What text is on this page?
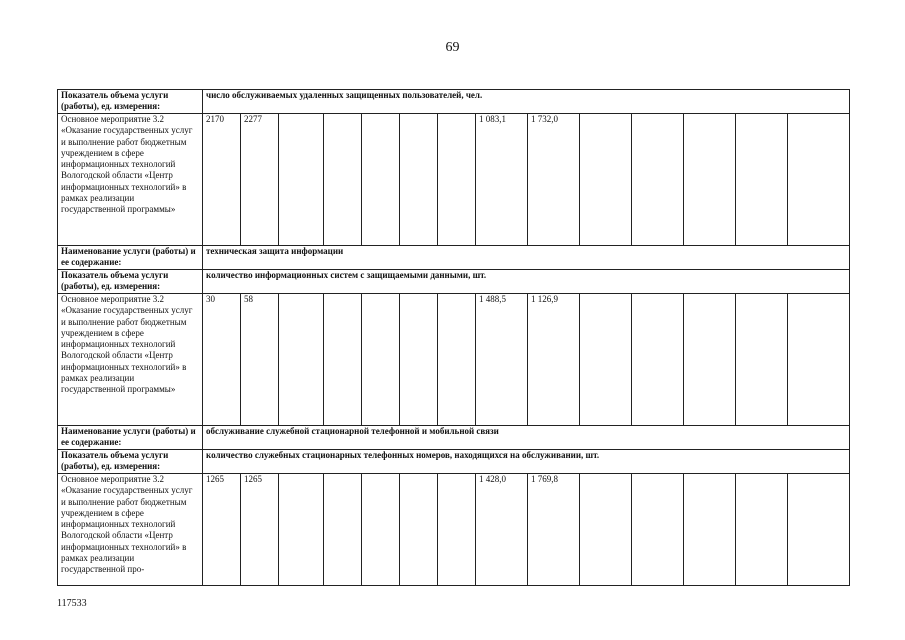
69
Показатель объема услуги (работы), ед. измерения:	число обслуживаемых удаленных защищенных пользователей, чел.													
Основное мероприятие 3.2 «Оказание государственных услуг и выполнение работ бюджетным учреждением в сфере информационных технологий Вологодской области «Центр информационных технологий» в рамках реализации государственной программы»	2170	2277						1 083,1	1 732,0					
Наименование услуги (работы) и ее содержание:	техническая защита информации													
Показатель объема услуги (работы), ед. измерения:	количество информационных систем с защищаемыми данными, шт.													
Основное мероприятие 3.2 «Оказание государственных услуг и выполнение работ бюджетным учреждением в сфере информационных технологий Вологодской области «Центр информационных технологий» в рамках реализации государственной программы»	30	58						1 488,5	1 126,9					
Наименование услуги (работы) и ее содержание:	обслуживание служебной стационарной телефонной и мобильной связи													
Показатель объема услуги (работы), ед. измерения:	количество служебных стационарных телефонных номеров, находящихся на обслуживании, шт.													
Основное мероприятие 3.2 «Оказание государственных услуг и выполнение работ бюджетным учреждением в сфере информационных технологий Вологодской области «Центр информационных технологий» в рамках реализации государственной про-	1265	1265						1 428,0	1 769,8					
117533
